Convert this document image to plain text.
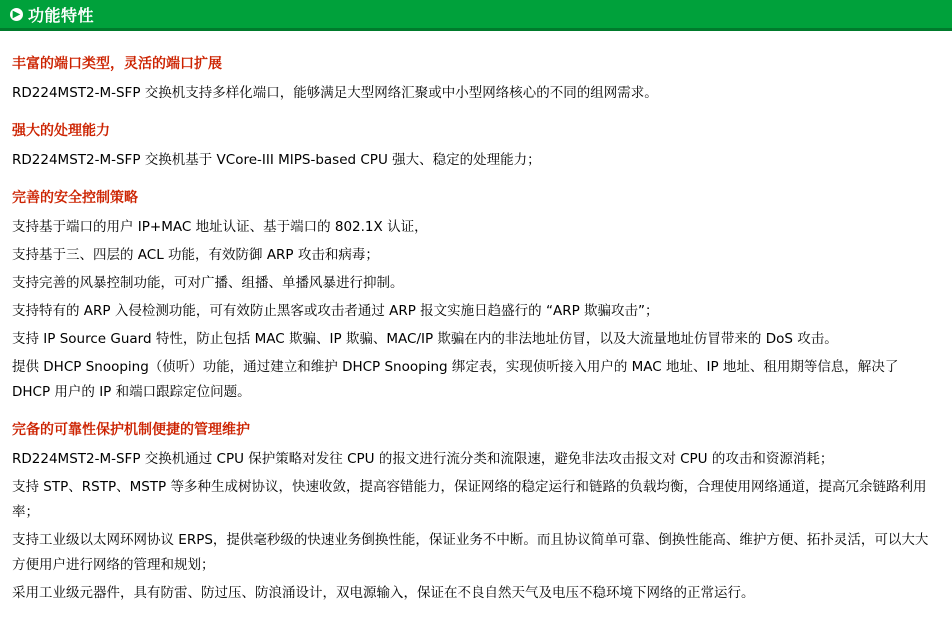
▶ 功能特性

丰富的端口类型，灵活的端口扩展

RD224MST2-M-SFP 交换机支持多样化端口，能够满足大型网络汇聚或中小型网络核心的不同的组网需求。

强大的处理能力

RD224MST2-M-SFP 交换机基于 VCore-III MIPS-based CPU 强大、稳定的处理能力；

完善的安全控制策略

支持基于端口的用户 IP+MAC 地址认证、基于端口的 802.1X 认证，

支持基于三、四层的 ACL 功能，有效防御 ARP 攻击和病毒；

支持完善的风暴控制功能，可对广播、组播、单播风暴进行抑制。

支持特有的 ARP 入侵检测功能，可有效防止黑客或攻击者通过 ARP 报文实施日趋盛行的 “ARP 欺骗攻击”；

支持 IP Source Guard 特性，防止包括 MAC 欺骗、IP 欺骗、MAC/IP 欺骗在内的非法地址仿冒，以及大流量地址仿冒带来的 DoS 攻击。

提供 DHCP Snooping（侦听）功能，通过建立和维护 DHCP Snooping 绑定表，实现侦听接入用户的 MAC 地址、IP 地址、租用期等信息，解决了 DHCP 用户的 IP 和端口跟踪定位问题。

完备的可靠性保护机制便捷的管理维护

RD224MST2-M-SFP 交换机通过 CPU 保护策略对发往 CPU 的报文进行流分类和流限速，避免非法攻击报文对 CPU 的攻击和资源消耗；

支持 STP、RSTP、MSTP 等多种生成树协议，快速收敛，提高容错能力，保证网络的稳定运行和链路的负载均衡，合理使用网络通道，提高冗余链路利用率；

支持工业级以太网环网协议 ERPS，提供毫秒级的快速业务倒换性能，保证业务不中断。而且协议简单可靠、倒换性能高、维护方便、拓扑灵活，可以大大方便用户进行网络的管理和规划；

采用工业级元器件，具有防雷、防过压、防浪涌设计，双电源输入，保证在不良自然天气及电压不稳环境下网络的正常运行。
